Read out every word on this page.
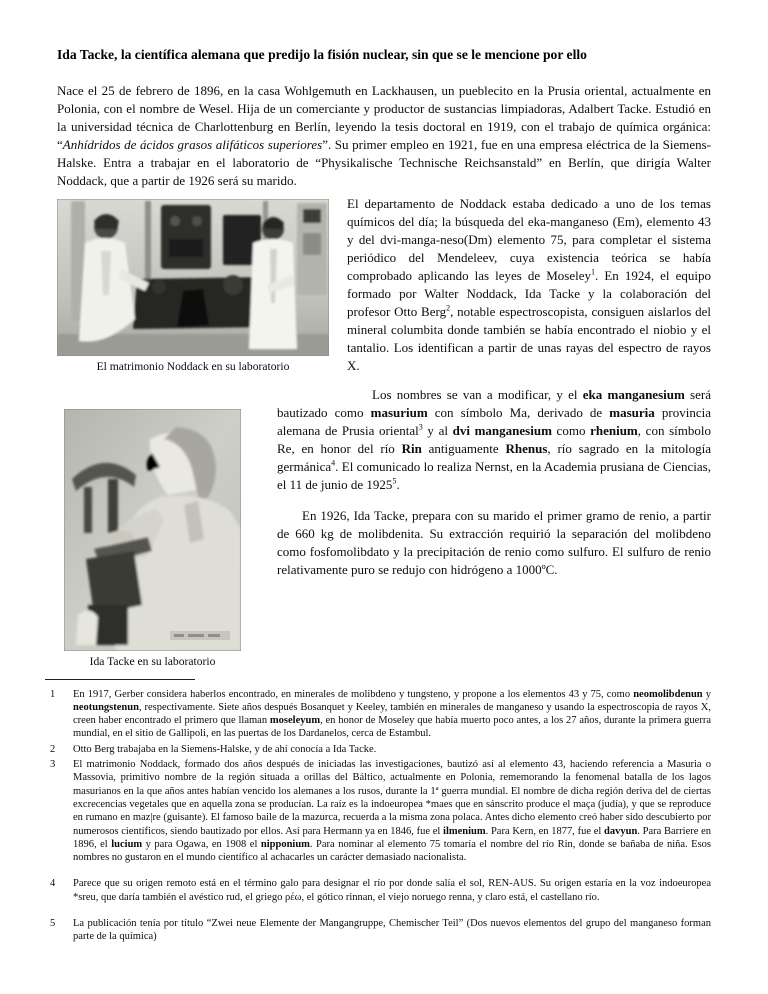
Ida Tacke, la científica alemana que predijo la fisión nuclear, sin que se le mencione por ello
Nace el 25 de febrero de 1896, en la casa Wohlgemuth en Lackhausen, un pueblecito en la Prusia oriental, actualmente en Polonia, con el nombre de Wesel. Hija de un comerciante y productor de sustancias limpiadoras, Adalbert Tacke. Estudió en la universidad técnica de Charlottenburg en Berlín, leyendo la tesis doctoral en 1919, con el trabajo de química orgánica: “Anhídridos de ácidos grasos alifáticos superiores”. Su primer empleo en 1921, fue en una empresa eléctrica de la Siemens-Halske. Entra a trabajar en el laboratorio de “Physikalische Technische Reichsanstald” en Berlín, que dirigía Walter Noddack, que a partir de 1926 será su marido.
El matrimonio Noddack en su laboratorio
El departamento de Noddack estaba dedicado a uno de los temas químicos del día; la búsqueda del eka-manganeso (Em), elemento 43 y del dvi-manga-neso(Dm) elemento 75, para completar el sistema periódico del Mendeleev, cuya existencia teórica se había comprobado aplicando las leyes de Moseley$^1$. En 1924, el equipo formado por Walter Noddack, Ida Tacke y la colaboración del profesor Otto Berg$^2$, notable espectroscopista, consiguen aislarlos del mineral columbita donde también se había encontrado el niobio y el tantalio. Los identifican a partir de unas rayas del espectro de rayos X.
Ida Tacke en su laboratorio
Los nombres se van a modificar, y el eka manganesium será bautizado como masurium con símbolo Ma, derivado de masuria provincia alemana de Prusia oriental$^3$ y al dvi manganesium como rhenium, con símbolo Re, en honor del río Rin antiguamente Rhenus, río sagrado en la mitología germánica$^4$. El comunicado lo realiza Nernst, en la Academia prusiana de Ciencias, el 11 de junio de 1925$^5$.
En 1926, Ida Tacke, prepara con su marido el primer gramo de renio, a partir de 660 kg de molibdenita. Su extracción requirió la separación del molibdeno como fosfomolibdato y la precipitación de renio como sulfuro. El sulfuro de renio relativamente puro se redujo con hidrógeno a 1000ºC.
1 En 1917, Gerber considera haberlos encontrado, en minerales de molibdeno y tungsteno, y propone a los elementos 43 y 75, como neomolibdenun y neotungstenun, respectivamente. Siete años después Bosanquet y Keeley, también en minerales de manganeso y usando la espectroscopia de rayos X, creen haber encontrado el primero que llaman moseleyum, en honor de Moseley que había muerto poco antes, a los 27 años, durante la primera guerra mundial, en el sitio de Gallipoli, en las puertas de los Dardanelos, cerca de Estambul.
2 Otto Berg trabajaba en la Siemens-Halske, y de ahí conocía a Ida Tacke.
3 El matrimonio Noddack, formado dos años después de iniciadas las investigaciones, bautizó así al elemento 43, haciendo referencia a Masuria o Massovia, primitivo nombre de la región situada a orillas del Báltico, actualmente en Polonia, rememorando la fenomenal batalla de los lagos masurianos en la que años antes habían vencido los alemanes a los rusos, durante la 1ª guerra mundial. El nombre de dicha región deriva del de ciertas excrecencias vegetales que en aquella zona se producían. La raíz es la indoeuropea *maes que en sánscrito produce el maça (judía), y que se reproduce en rumano en maz|re (guisante). El famoso baile de la mazurca, recuerda a la misma zona polaca. Antes dicho elemento creó haber sido descubierto por numerosos científicos, siendo bautizado por ellos. Así para Hermann ya en 1846, fue el ilmenium. Para Kern, en 1877, fue el davyun. Para Barriere en 1896, el lucium y para Ogawa, en 1908 el nipponium. Para nominar al elemento 75 tomaría el nombre del río Rin, donde se bañaba de niña. Esos nombres no gustaron en el mundo científico al achacarles un carácter demasiado nacionalista.
4 Parece que su origen remoto está en el término galo para designar el río por donde salía el sol, REN-AUS. Su origen estaría en la voz indoeuropea *sreu, que daría también el avéstico rud, el griego ρέω, el gótico rinnan, el viejo noruego renna, y claro está, el castellano río.
5 La publicación tenía por título “Zwei neue Elemente der Mangangruppe, Chemischer Teil” (Dos nuevos elementos del grupo del manganeso forman parte de la química)
